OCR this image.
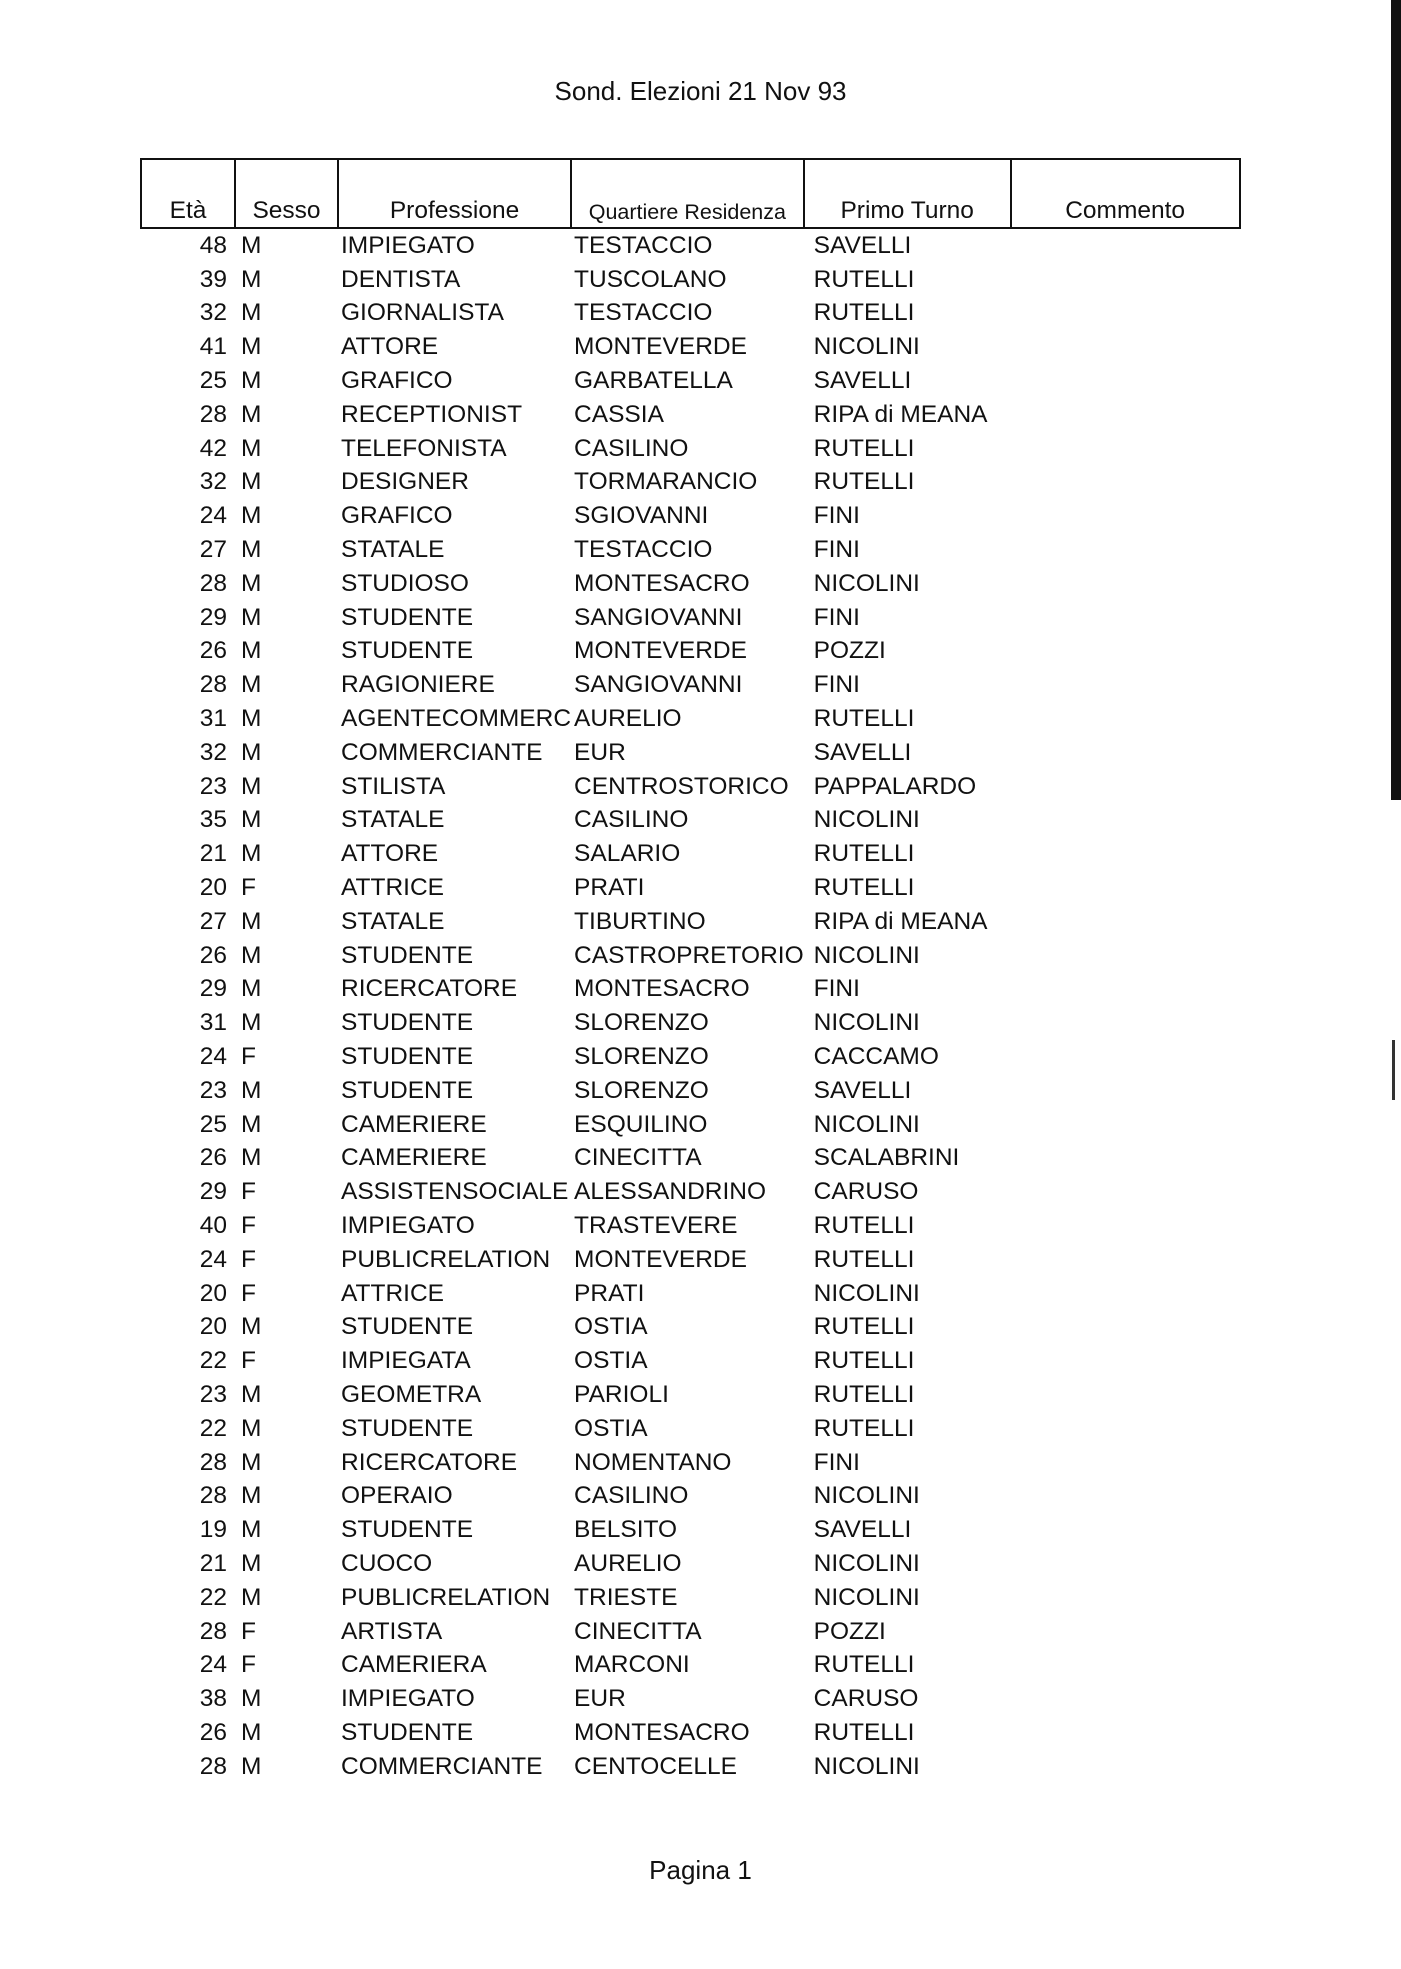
Sond. Elezioni 21 Nov 93
Età	Sesso	Professione	Quartiere Residenza	Primo Turno	Commento
48	M	IMPIEGATO	TESTACCIO	SAVELLI	
39	M	DENTISTA	TUSCOLANO	RUTELLI	
32	M	GIORNALISTA	TESTACCIO	RUTELLI	
41	M	ATTORE	MONTEVERDE	NICOLINI	
25	M	GRAFICO	GARBATELLA	SAVELLI	
28	M	RECEPTIONIST	CASSIA	RIPA di MEANA	
42	M	TELEFONISTA	CASILINO	RUTELLI	
32	M	DESIGNER	TORMARANCIO	RUTELLI	
24	M	GRAFICO	SGIOVANNI	FINI	
27	M	STATALE	TESTACCIO	FINI	
28	M	STUDIOSO	MONTESACRO	NICOLINI	
29	M	STUDENTE	SANGIOVANNI	FINI	
26	M	STUDENTE	MONTEVERDE	POZZI	
28	M	RAGIONIERE	SANGIOVANNI	FINI	
31	M	AGENTECOMMERC	AURELIO	RUTELLI	
32	M	COMMERCIANTE	EUR	SAVELLI	
23	M	STILISTA	CENTROSTORICO	PAPPALARDO	
35	M	STATALE	CASILINO	NICOLINI	
21	M	ATTORE	SALARIO	RUTELLI	
20	F	ATTRICE	PRATI	RUTELLI	
27	M	STATALE	TIBURTINO	RIPA di MEANA	
26	M	STUDENTE	CASTROPRETORIO	NICOLINI	
29	M	RICERCATORE	MONTESACRO	FINI	
31	M	STUDENTE	SLORENZO	NICOLINI	
24	F	STUDENTE	SLORENZO	CACCAMO	
23	M	STUDENTE	SLORENZO	SAVELLI	
25	M	CAMERIERE	ESQUILINO	NICOLINI	
26	M	CAMERIERE	CINECITTA	SCALABRINI	
29	F	ASSISTENSOCIALE	ALESSANDRINO	CARUSO	
40	F	IMPIEGATO	TRASTEVERE	RUTELLI	
24	F	PUBLICRELATION	MONTEVERDE	RUTELLI	
20	F	ATTRICE	PRATI	NICOLINI	
20	M	STUDENTE	OSTIA	RUTELLI	
22	F	IMPIEGATA	OSTIA	RUTELLI	
23	M	GEOMETRA	PARIOLI	RUTELLI	
22	M	STUDENTE	OSTIA	RUTELLI	
28	M	RICERCATORE	NOMENTANO	FINI	
28	M	OPERAIO	CASILINO	NICOLINI	
19	M	STUDENTE	BELSITO	SAVELLI	
21	M	CUOCO	AURELIO	NICOLINI	
22	M	PUBLICRELATION	TRIESTE	NICOLINI	
28	F	ARTISTA	CINECITTA	POZZI	
24	F	CAMERIERA	MARCONI	RUTELLI	
38	M	IMPIEGATO	EUR	CARUSO	
26	M	STUDENTE	MONTESACRO	RUTELLI	
28	M	COMMERCIANTE	CENTOCELLE	NICOLINI	
Pagina 1
